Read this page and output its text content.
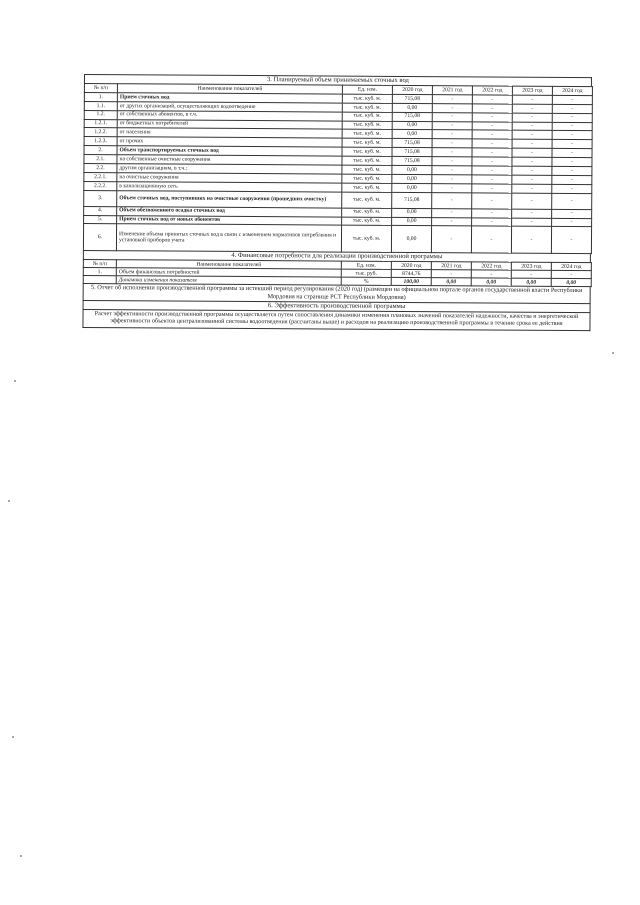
3. Планируемый объем принимаемых сточных вод
№ п/п	Наименование показателей	Ед. изм.	2020 год	2021 год	2022 год	2023 год	2024 год
1.	Прием сточных вод	тыс. куб. м.	715,08	-	-	-	-
1.1.	от других организаций, осуществляющих водоотведение	тыс. куб. м.	0,00	-	-	-	-
1.2.	от собственных абонентов, в т.ч.	тыс. куб. м.	715,08	-	-	-	-
1.2.1.	от бюджетных потребителей	тыс. куб. м.	0,00	-	-	-	-
1.2.2.	от населения	тыс. куб. м.	0,00	-	-	-	-
1.2.3.	от прочих	тыс. куб. м.	715,08	-	-	-	-
2.	Объем транспортируемых сточных вод	тыс. куб. м.	715,08	-	-	-	-
2.1.	на собственные очистные сооружения	тыс. куб. м.	715,08	-	-	-	-
2.2.	другим организациям, в т.ч.:	тыс. куб. м.	0,00	-	-	-	-
2.2.1.	на очистные сооружения	тыс. куб. м.	0,00	-	-	-	-
2.2.2.	в канализационную сеть	тыс. куб. м.	0,00	-	-	-	-
3.	Объем сточных вод, поступивших на очистные сооружения (прошедших очистку)	тыс. куб. м.	715,08	-	-	-	-
4.	Объем обезвоженного осадка сточных вод	тыс. куб. м.	0,00	-	-	-	-
5.	Прием сточных вод от новых абонентов	тыс. куб. м.	0,00	-	-	-	-
6.	Изменение объема принятых сточных вод в связи с изменением нормативов потребления и установкой приборов учета	тыс. куб. м.	0,00	-	-	-	-
4. Финансовые потребности для реализации производственной программы
№ п/п	Наименование показателей	Ед. изм.	2020 год	2021 год	2022 год	2023 год	2024 год
1.	Объем финансовых потребностей	тыс. руб.	8744,76	-	-	-	-
	Динамика изменения показателя	%	100,00	0,00	0,00	0,00	0,00
5. Отчет об исполнении производственной программы за истекший период регулирования (2020 год) (размещен на официальном портале органов государственной власти Республики Мордовия на странице РСТ Республики Мордовия)
6. Эффективность производственной программы
Расчет эффективности производственной программы осуществляется путем сопоставления динамики изменения плановых значений показателей надежности, качества и энергетической эффективности объектов централизованной системы водоотведения (рассчитаны выше) и расходов на реализацию производственной программы в течение срока ее действия
